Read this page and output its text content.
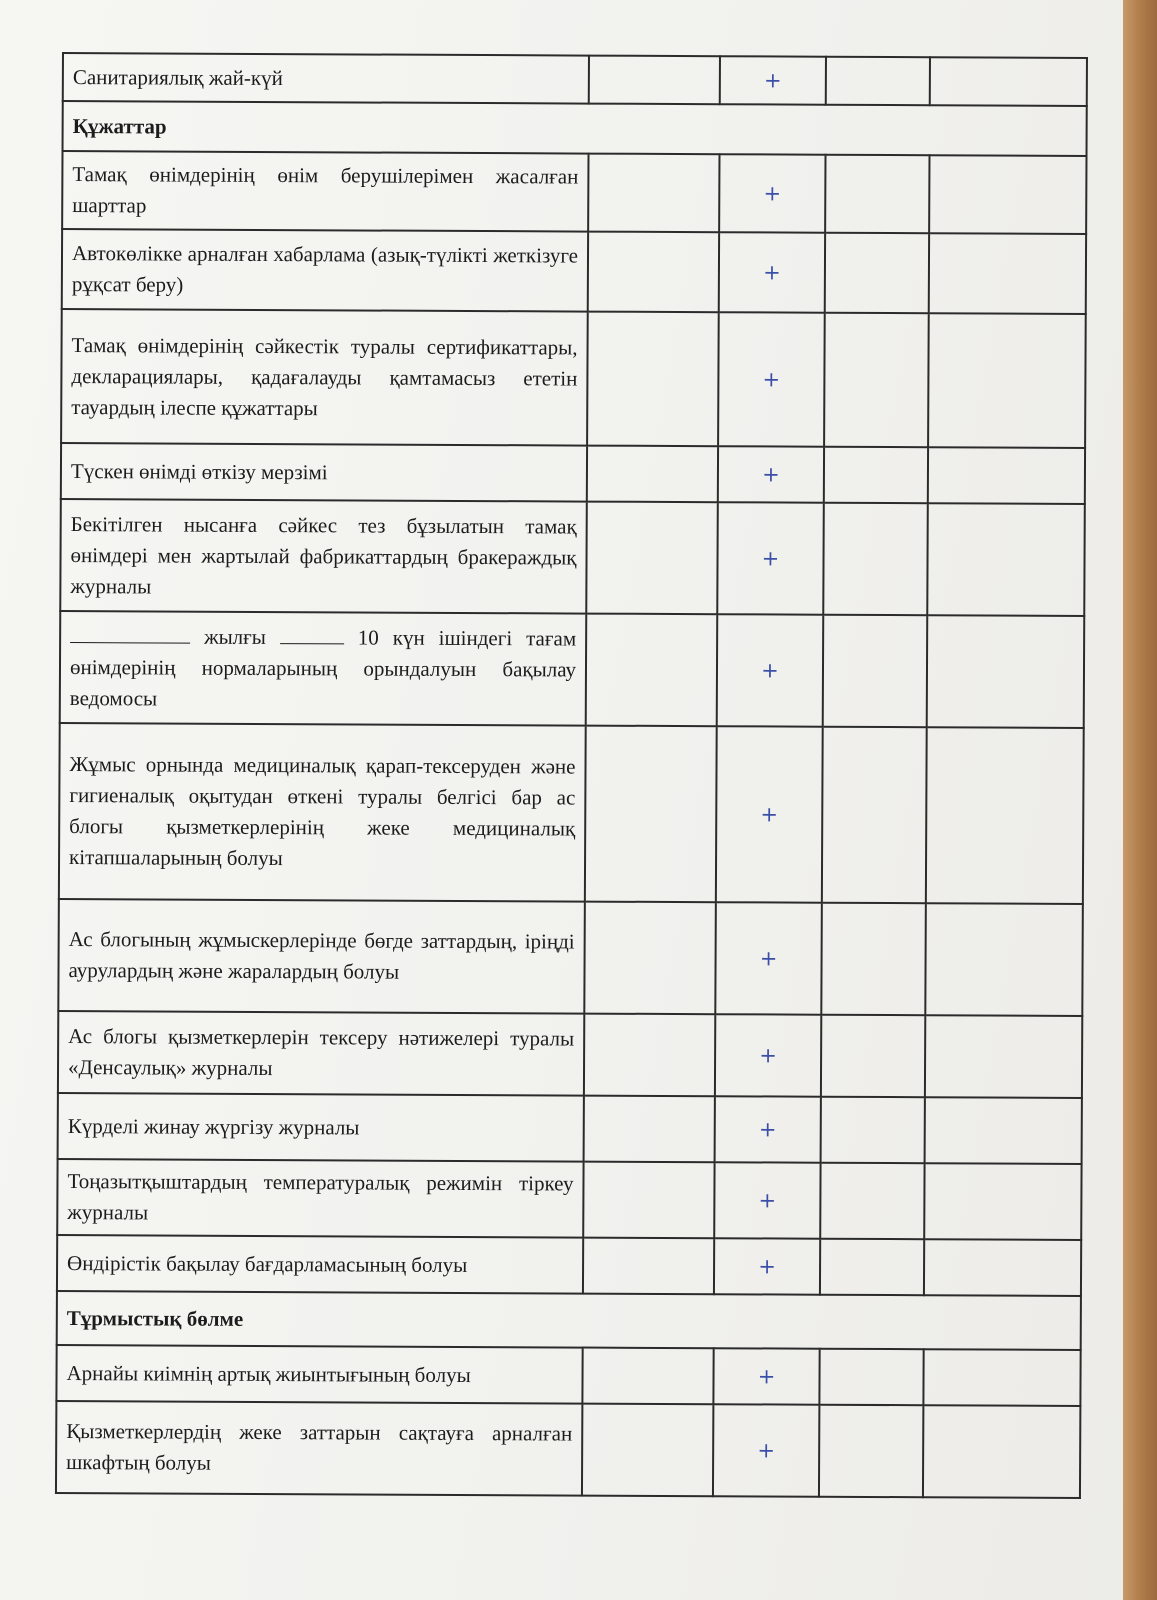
Санитариялық жай-күй		+		
Құжаттар				
Тамақ өнімдерінің өнім берушілерімен жасалған шарттар		+		
Автокөлікке арналған хабарлама (азық-түлікті жеткізуге рұқсат беру)		+		
Тамақ өнімдерінің сәйкестік туралы сертификаттары, декларациялары, қадағалауды қамтамасыз ететін тауардың ілеспе құжаттары		+		
Түскен өнімді өткізу мерзімі		+		
Бекітілген нысанға сәйкес тез бұзылатын тамақ өнімдері мен жартылай фабрикаттардың бракераждық журналы		+		
жылғы 10 күн ішіндегі тағам өнімдерінің нормаларының орындалуын бақылау ведомосы		+		
Жұмыс орнында медициналық қарап-тексеруден және гигиеналық оқытудан өткені туралы белгісі бар ас блогы қызметкерлерінің жеке медициналық кітапшаларының болуы		+		
Ас блогының жұмыскерлерінде бөгде заттардың, іріңді аурулардың және жаралардың болуы		+		
Ас блогы қызметкерлерін тексеру нәтижелері туралы «Денсаулық» журналы		+		
Күрделі жинау жүргізу журналы		+		
Тоңазытқыштардың температуралық режимін тіркеу журналы		+		
Өндірістік бақылау бағдарламасының болуы		+		
Тұрмыстық бөлме				
Арнайы киімнің артық жиынтығының болуы		+		
Қызметкерлердің жеке заттарын сақтауға арналған шкафтың болуы		+		
